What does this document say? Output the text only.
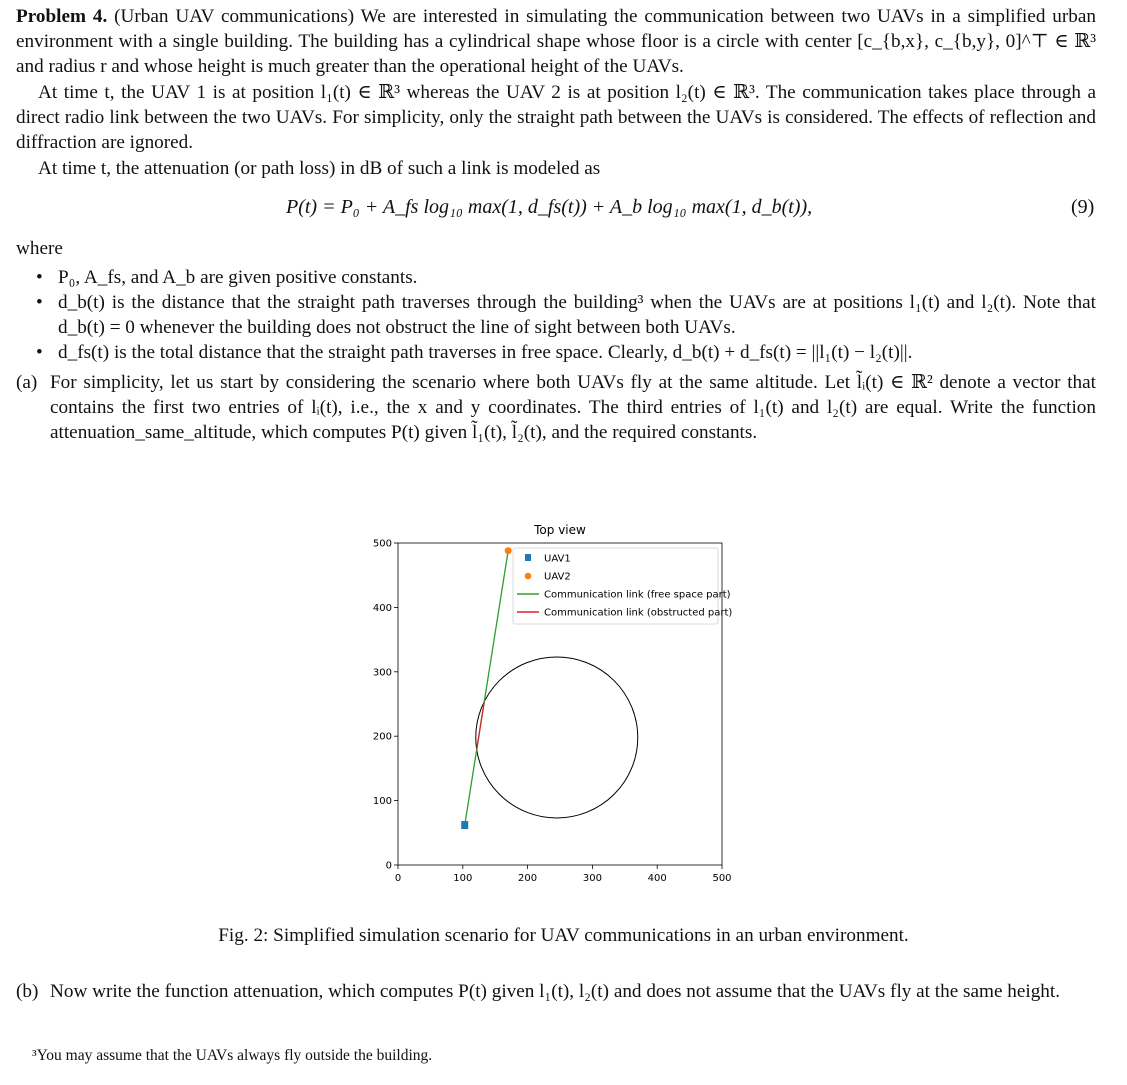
Problem 4. (Urban UAV communications) We are interested in simulating the communication between two UAVs in a simplified urban environment with a single building. The building has a cylindrical shape whose floor is a circle with center [c_{b,x}, c_{b,y}, 0]^⊤ ∈ ℝ³ and radius r and whose height is much greater than the operational height of the UAVs.
At time t, the UAV 1 is at position l₁(t) ∈ ℝ³ whereas the UAV 2 is at position l₂(t) ∈ ℝ³. The communication takes place through a direct radio link between the two UAVs. For simplicity, only the straight path between the UAVs is considered. The effects of reflection and diffraction are ignored.
At time t, the attenuation (or path loss) in dB of such a link is modeled as
P(t) = P₀ + A_fs log₁₀ max(1, d_fs(t)) + A_b log₁₀ max(1, d_b(t)),	(9)
where
• P₀, A_fs, and A_b are given positive constants.
• d_b(t) is the distance that the straight path traverses through the building³ when the UAVs are at positions l₁(t) and l₂(t). Note that d_b(t) = 0 whenever the building does not obstruct the line of sight between both UAVs.
• d_fs(t) is the total distance that the straight path traverses in free space. Clearly, d_b(t) + d_fs(t) = ||l₁(t) − l₂(t)||.
(a) For simplicity, let us start by considering the scenario where both UAVs fly at the same altitude. Let l̃ᵢ(t) ∈ ℝ² denote a vector that contains the first two entries of lᵢ(t), i.e., the x and y coordinates. The third entries of l₁(t) and l₂(t) are equal. Write the function attenuation_same_altitude, which computes P(t) given l̃₁(t), l̃₂(t), and the required constants.
Top view
0	100	200	300	400	500
0
100
200
300
400
500
UAV1
UAV2
Communication link (free space part)
Communication link (obstructed part)
Fig. 2: Simplified simulation scenario for UAV communications in an urban environment.
(b) Now write the function attenuation, which computes P(t) given l₁(t), l₂(t) and does not assume that the UAVs fly at the same height.
³You may assume that the UAVs always fly outside the building.
